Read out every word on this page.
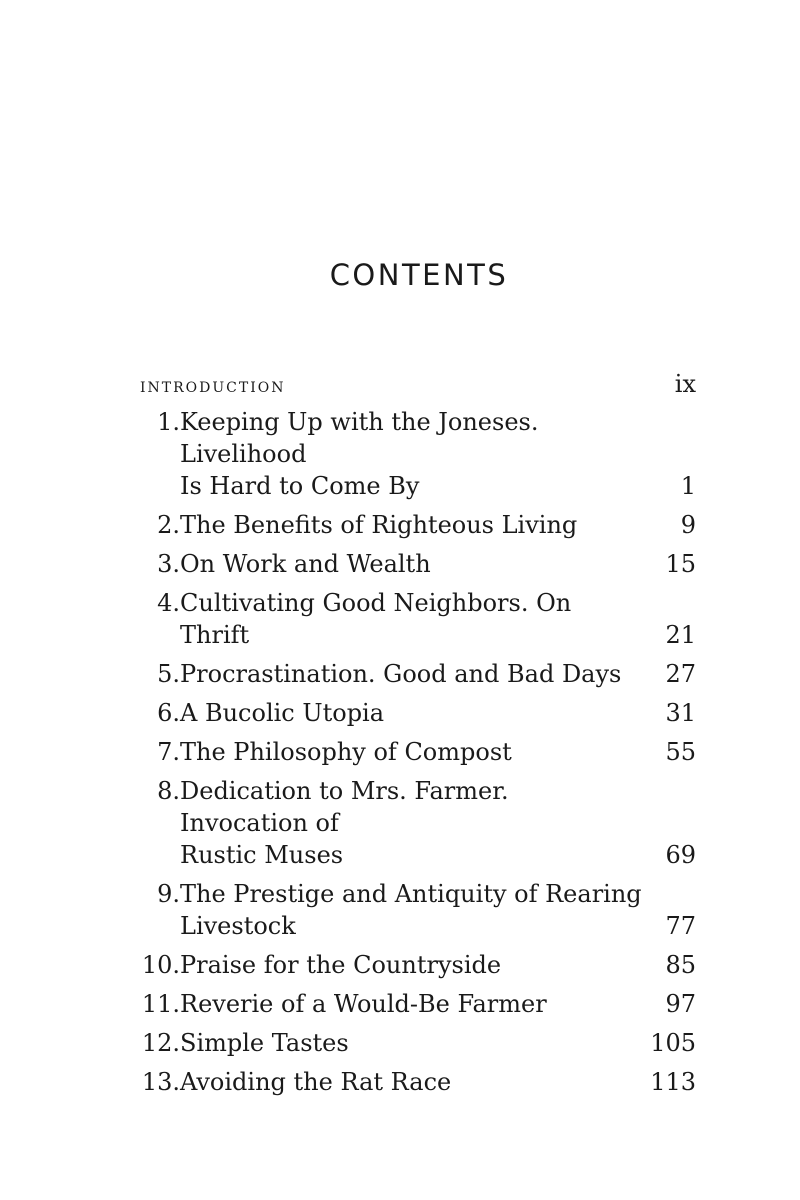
CONTENTS
introduction	ix
1. Keeping Up with the Joneses. Livelihood
Is Hard to Come By	1
2. The Benefits of Righteous Living	9
3. On Work and Wealth	15
4. Cultivating Good Neighbors. On Thrift	21
5. Procrastination. Good and Bad Days	27
6. A Bucolic Utopia	31
7. The Philosophy of Compost	55
8. Dedication to Mrs. Farmer. Invocation of
Rustic Muses	69
9. The Prestige and Antiquity of Rearing
Livestock	77
10. Praise for the Countryside	85
11. Reverie of a Would-Be Farmer	97
12. Simple Tastes	105
13. Avoiding the Rat Race	113
